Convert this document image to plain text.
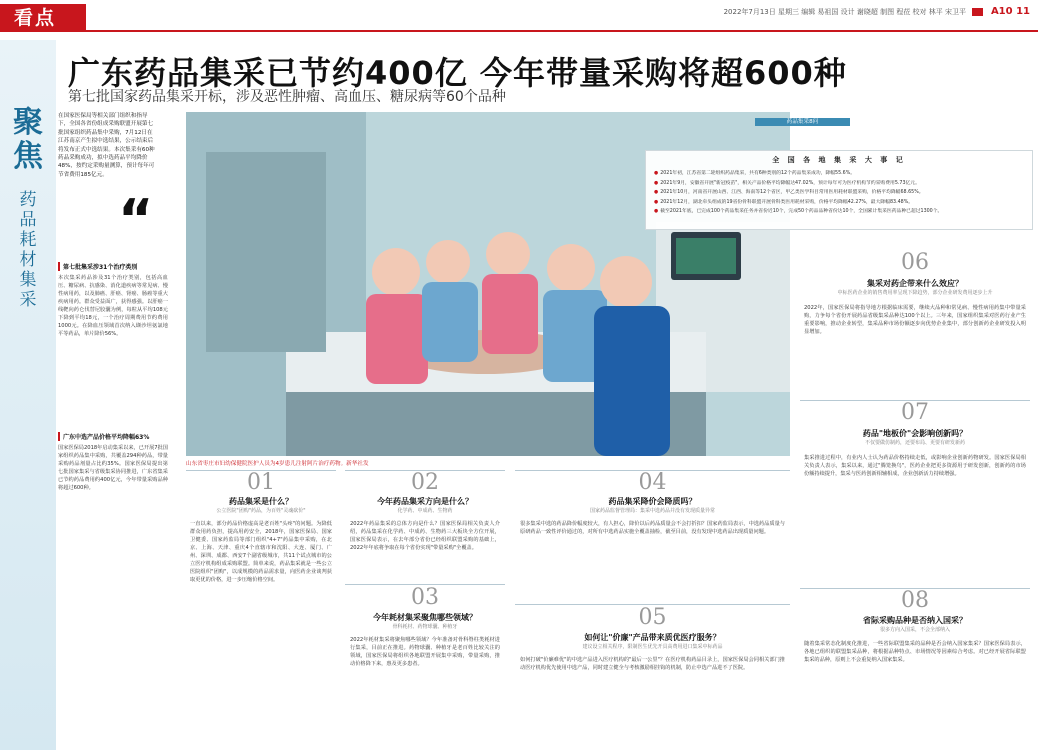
看点	2022年7月13日 星期三 编辑 易祖国 设计 谢晓超 制图 程莅 校对 林平 宋卫平 A10 11
广东药品集采已节约400亿 今年带量采购将超600种
第七批国家药品集采开标，涉及恶性肿瘤、高血压、糖尿病等60个品种
聚焦
药品耗材集采
在国家医保局等相关部门组织和指导下，全国各省份组成采购联盟开展第七批国家组织药品集中采购，7月12日在江苏南京产生拟中选结果，公示结束后将发布正式中选结果。本次集采有60种药品采购成功，拟中选药品平均降价48%，按约定采购量测算，预计每年可节省费用185亿元。
“
第七批集采涉31个治疗类别
本次集采药品涉及31个治疗类别，包括高血压、糖尿病、抗感染、消化道疾病等常见病、慢性病用药，以及肺癌、肝癌、肾癌、肠癌等重大疾病用药。群众受益面广，获得感强。以肝癌一线靶向药仑伐替尼胶囊为例，每粒从平均108元下降到平均18元，一个治疗周期费用节约费用1000元。在降血压领域首次纳入缬沙坦氨氯地平等药品，单片降价56%。
广东中选产品价格平均降幅63%
国家医保局2018年启动集采以来，已开展7批国家组织药品集中采购，共覆盖294种药品，带量采购药品剂量占比约35%。国家医保局提出第七批国家集采与省级集采协同推进，广东省集采已节约药品费用约400亿元，今年带量采购品种将超过600种。
药品集采8问
全 国 各 地 集 采 大 事 记
● 2021年初，江苏省第二轮组织药品集采，共有6种类别的12个药品集采成功，降幅55.6%。
● 2021年9月，安徽省开展"新冠疫苗"，相关产品价格平均降幅达47.02%，预计每年可为医疗机构节约采购费用5.73亿元。
● 2021年10月，河南省开展山西、江西、海南等12个省区，甲乙类医学科目常用医用耗材联盟采购，价格平均降幅68.65%。
● 2021年12月，湖北牵头组成的19省份骨科联盟开展骨科类医用耗材采购，价格平均降幅42.27%，最大降幅83.48%。
● 截至2021年底，已完成100个药品集采任务并省份近10个，完成50个药品品种省份达10个，全国累计集采医药品种已超过1300个。
山东省枣庄市妇幼保健院医护人员为4岁患儿注射阿片治疗药物。新华社发
01
药品集采是什么？
公立医院"团购"药品，为百姓"灵魂砍价"
一直以来，部分药品价格虚高是老百姓"头疼"的问题。为降低群众用药负担，提高用药安全，2018年，国家医保局、国家卫健委、国家药监局等部门组织"4+7"药品集中采购，在北京、上海、天津、重庆4个直辖市和沈阳、大连、厦门、广州、深圳、成都、西安7个副省级城市，共11个试点城市的公立医疗机构组成采购联盟。简单来说，药品集采就是一些公立医院组织"团购"，以成规模的药品需求量，向医药企业谈判获取更优的价格，进一步压缩价格空间。
02
今年药品集采方向是什么？
化学药、中成药、生物药
2022年药品集采的总体方向是什么？国家医保局相关负责人介绍，药品集采在化学药、中成药、生物药三大板块全方位开展，国家医保局表示，在去年部分省份已经组织联盟采购的基础上，2022年年底将争取在每个省份实现"带量采购"全覆盖。
03
今年耗材集采聚焦哪些领域？
骨科耗材、药物球囊、种植牙
2022年耗材集采将聚焦哪些领域？今年准备对骨科脊柱类耗材进行集采，目前正在推进。药物球囊、种植牙是老百姓比较关注的领域，国家医保局将组织各地联盟开展集中采购，带量采购，推动价格降下来，惠及更多患者。
04
药品集采降价会降质吗？
国家药品监督管理局：集采中选药品并没有发现质量异常
很多集采中选的药品降价幅度较大，有人担心，降价以后药品质量会不会打折扣？国家药监局表示，中选药品质量与原研药品一致性评价通过的，对所有中选药品实施全覆盖抽检，截至目前，没有发现中选药品出现质量问题。
05
如何让"价廉"产品带来质优医疗服务？
建议设立相关程序，限制医生优先开具高费用进口集采中标药品
如何打破"价廉难优"的中选产品进入医疗机构的"最后一公里"？在医疗机构药品目录上，国家医保局会同相关部门推动医疗机构优先使用中选产品，同时建立健全与考核激励相挂钩的机制，防止中选产品进不了医院。
06
集采对药企带来什么效应？
中标医药企业的销售费用率呈现下降趋势，部分企业研发费用逐步上升
2022年，国家医保局将指导地方根据临床需要，继续大品种和常见病、慢性病用药集中带量采购，力争每个省份开展药品省级集采品种达100个以上。三年来，国家组织集采对医药行业产生重要影响，推动企业转型，集采品种市场份额逐步向优势企业集中，部分创新药企业研发投入明显增加。
07
药品"地板价"会影响创新吗？
不仅要做仿制药，还要布局、更要有研发新药
集采推进过程中，有业内人士认为药品价格持续走低，或影响企业创新药物研发。国家医保局相关负责人表示，集采以来，通过"腾笼换鸟"，医药企业把更多资源用于研发创新，创新药的市场份额持续提升，集采与医药创新相辅相成，企业创新活力持续增强。
08
省际采购品种是否纳入国采？
很多方向入国采，不会全部纳入
随着集采常态化制度化推进，一些省际联盟集采的品种是否会纳入国家集采？国家医保局表示，各地已组织的联盟集采品种，将根据品种特点、市场情况等因素综合考虑。对已经开展省际联盟集采的品种，原则上不会重复纳入国家集采。
